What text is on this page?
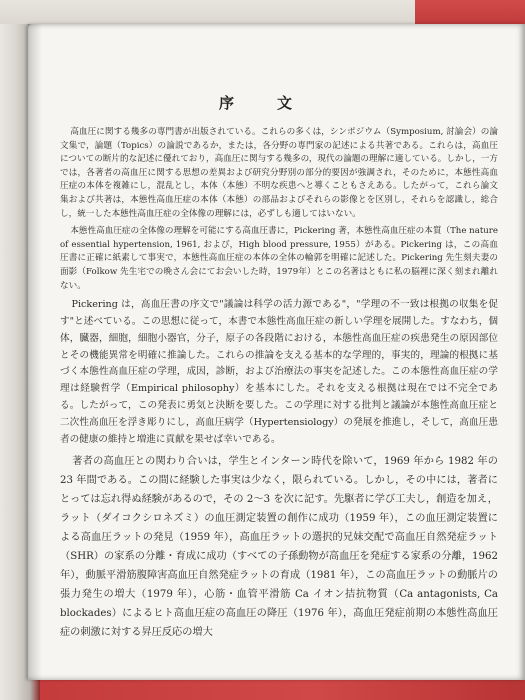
序　文

高血圧に関する幾多の専門書が出版されている。これらの多くは，シンポジウム（Symposium, 討論会）の論文集で，論題（Topics）の論説であるか，または，各分野の専門家の記述による共著である。これらは，高血圧についての断片的な記述に優れており，高血圧に関与する幾多の，現代の論題の理解に適している。しかし，一方では，各著者の高血圧に関する思想の差異および研究分野別の部分的要因が強調され，そのために，本態性高血圧症の本体を複雑にし，混乱とし，本体（本態）不明な疾患へと導くこともさえある。したがって，これら論文集および共著は，本態性高血圧症の本体（本態）の部品およびそれらの影像とを区別し，それらを認識し，総合し，統一した本態性高血圧症の全体像の理解には，必ずしも適してはいない。

本態性高血圧症の全体像の理解を可能にする高血圧書に，Pickering 著，本態性高血圧症の本質（The nature of essential hypertension, 1961, および，High blood pressure, 1955）がある。Pickering は，この高血圧書に正確に紙素して事実で，本態性高血圧症の本体の全体の輪郭を明確に記述した。Pickering 先生刻夫妻の面影（Folkow 先生宅での晩さん会にてお会いした時，1979年）とこの名著はともに私の脳裡に深く刻まれ離れない。

Pickering は，高血圧書の序文で"議論は科学の活力源である"，"学理の不一致は根拠の収集を促す"と述べている。この思想に従って，本書で本態性高血圧症の新しい学理を展開した。すなわち，個体，臓器，細胞，細胞小器官，分子，原子の各段階における，本態性高血圧症の疾患発生の原因部位とその機能異常を明確に推論した。これらの推論を支える基本的な学理的，事実的，理論的根拠に基づく本態性高血圧症の学理，成因，診断，および治療法の事実を記述した。この本態性高血圧症の学理は経験哲学（Empirical philosophy）を基本にした。それを支える根拠は現在では不完全である。したがって，この発表に勇気と決断を要した。この学理に対する批判と議論が本態性高血圧症と二次性高血圧を浮き彫りにし，高血圧病学（Hypertensiology）の発展を推進し，そして，高血圧患者の健康の維持と増進に貢献を果せば幸いである。

著者の高血圧との関わり合いは，学生とインターン時代を除いて，1969 年から 1982 年の 23 年間である。この間に経験した事実は少なく，限られている。しかし，その中には，著者にとっては忘れ得ぬ経験があるので，その 2～3 を次に記す。先駆者に学び工夫し，創造を加え，ラット（ダイコクシロネズミ）の血圧測定装置の創作に成功（1959 年），この血圧測定装置による高血圧ラットの発見（1959 年），高血圧ラットの選択的兄妹交配で高血圧自然発症ラット（SHR）の家系の分離・育成に成功（すべての子孫動物が高血圧を発症する家系の分離，1962 年），動脈平滑筋腹障害高血圧自然発症ラットの育成（1981 年），この高血圧ラットの動脈片の張力発生の増大（1979 年），心筋・血管平滑筋 Ca イオン拮抗物質（Ca antagonists, Ca blockades）によるヒト高血圧症の高血圧の降圧（1976 年），高血圧発症前期の本態性高血圧症の刺激に対する昇圧反応の増大
